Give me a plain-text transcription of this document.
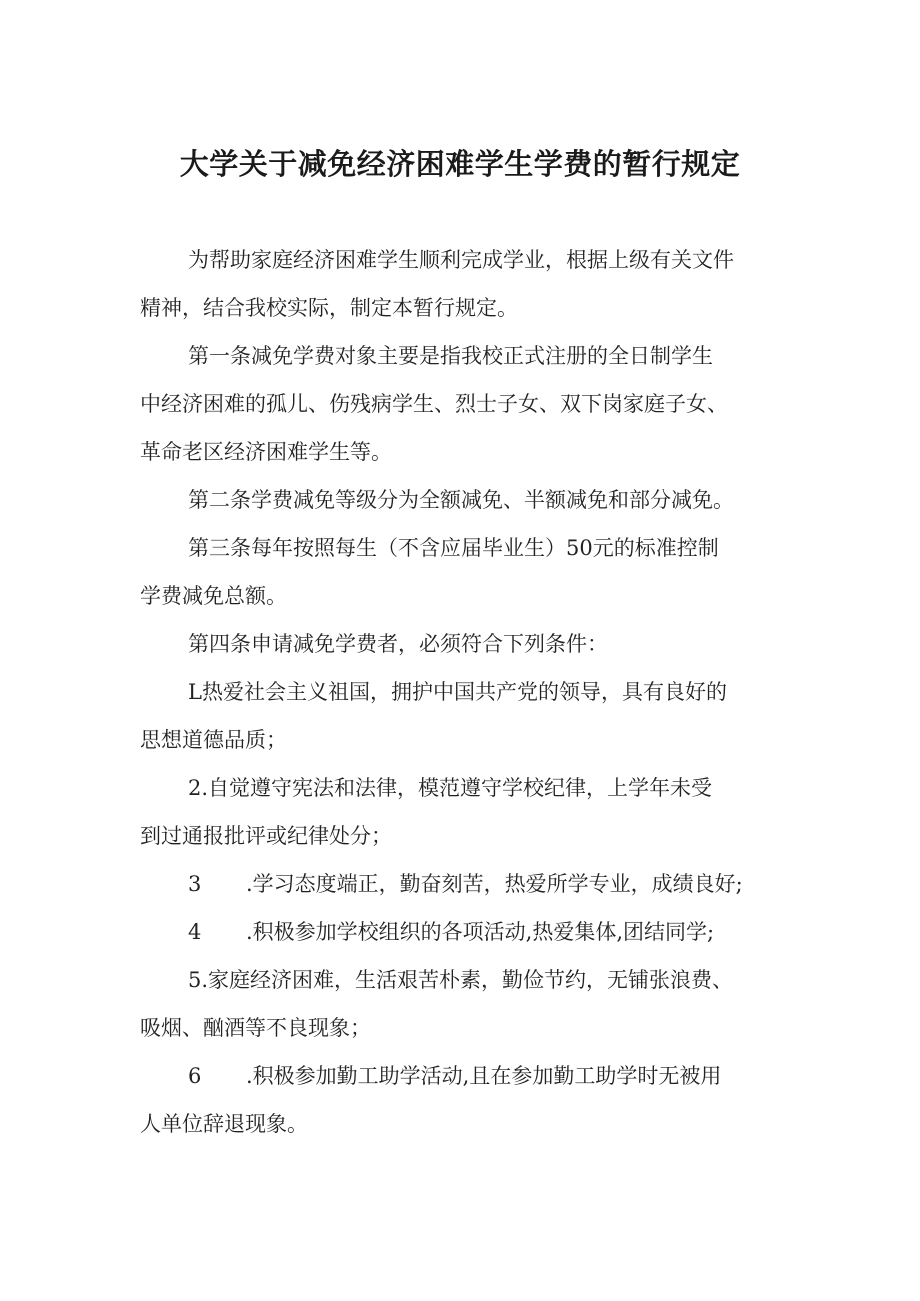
大学关于减免经济困难学生学费的暂行规定

为帮助家庭经济困难学生顺利完成学业，根据上级有关文件

精神，结合我校实际，制定本暂行规定。

第一条减免学费对象主要是指我校正式注册的全日制学生

中经济困难的孤儿、伤残病学生、烈士子女、双下岗家庭子女、

革命老区经济困难学生等。

第二条学费减免等级分为全额减免、半额减免和部分减免。

第三条每年按照每生（不含应届毕业生）50元的标准控制

学费减免总额。

第四条申请减免学费者，必须符合下列条件：

L热爱社会主义祖国，拥护中国共产党的领导，具有良好的

思想道德品质；

2.自觉遵守宪法和法律，模范遵守学校纪律，上学年未受

到过通报批评或纪律处分；

3 .学习态度端正，勤奋刻苦，热爱所学专业，成绩良好;

4 .积极参加学校组织的各项活动,热爱集体,团结同学;

5.家庭经济困难，生活艰苦朴素，勤俭节约，无铺张浪费、

吸烟、酗酒等不良现象；

6 .积极参加勤工助学活动,且在参加勤工助学时无被用

人单位辞退现象。
